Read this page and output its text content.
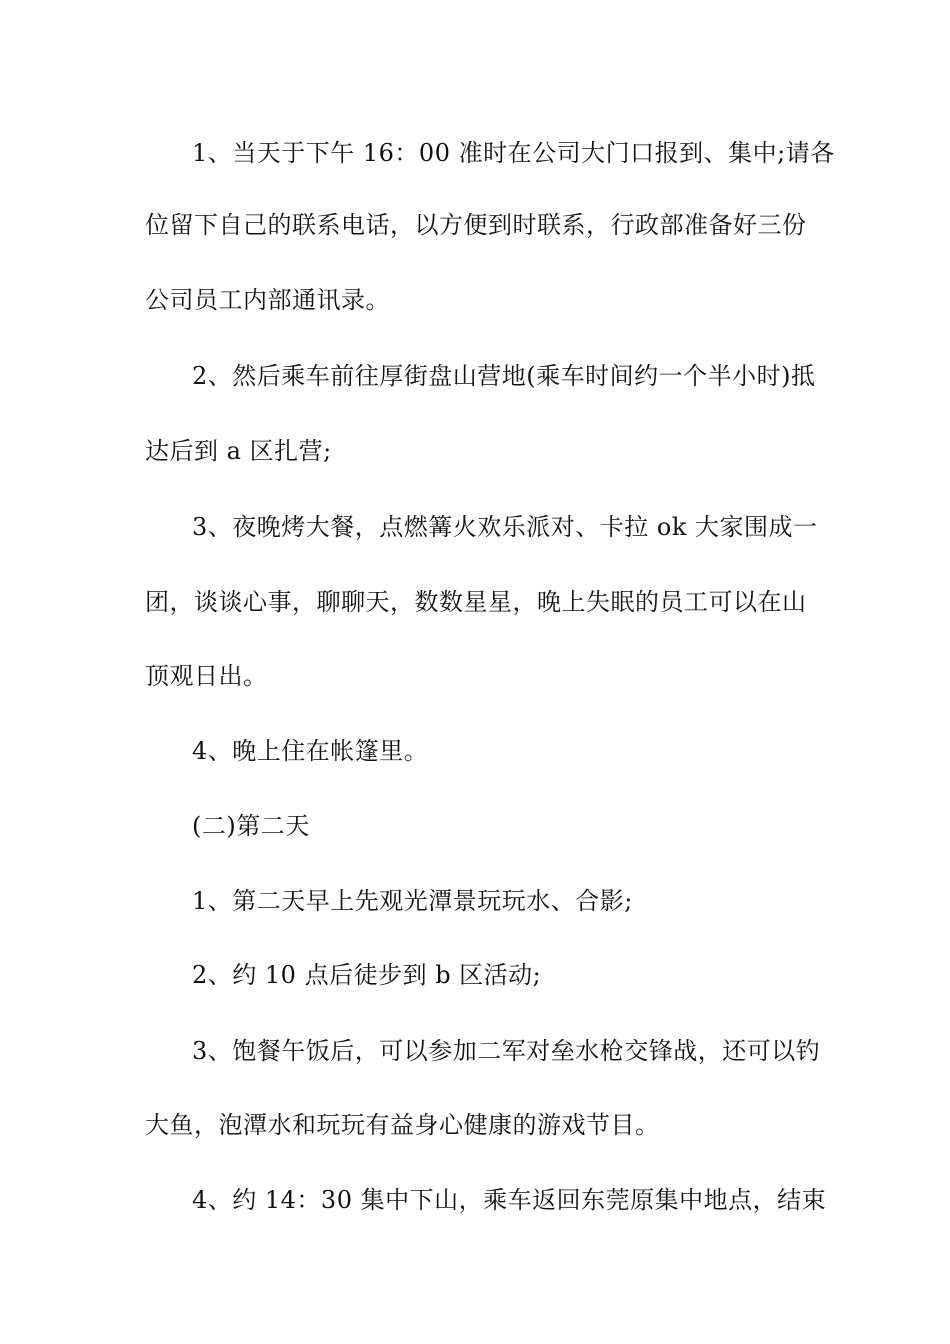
1、当天于下午 16：00 准时在公司大门口报到、集中;请各
位留下自己的联系电话，以方便到时联系，行政部准备好三份
公司员工内部通讯录。
2、然后乘车前往厚街盘山营地(乘车时间约一个半小时)抵
达后到 a 区扎营;
3、夜晚烤大餐，点燃篝火欢乐派对、卡拉 ok 大家围成一
团，谈谈心事，聊聊天，数数星星，晚上失眠的员工可以在山
顶观日出。
4、晚上住在帐篷里。
(二)第二天
1、第二天早上先观光潭景玩玩水、合影;
2、约 10 点后徒步到 b 区活动;
3、饱餐午饭后，可以参加二军对垒水枪交锋战，还可以钓
大鱼，泡潭水和玩玩有益身心健康的游戏节目。
4、约 14：30 集中下山，乘车返回东莞原集中地点，结束
